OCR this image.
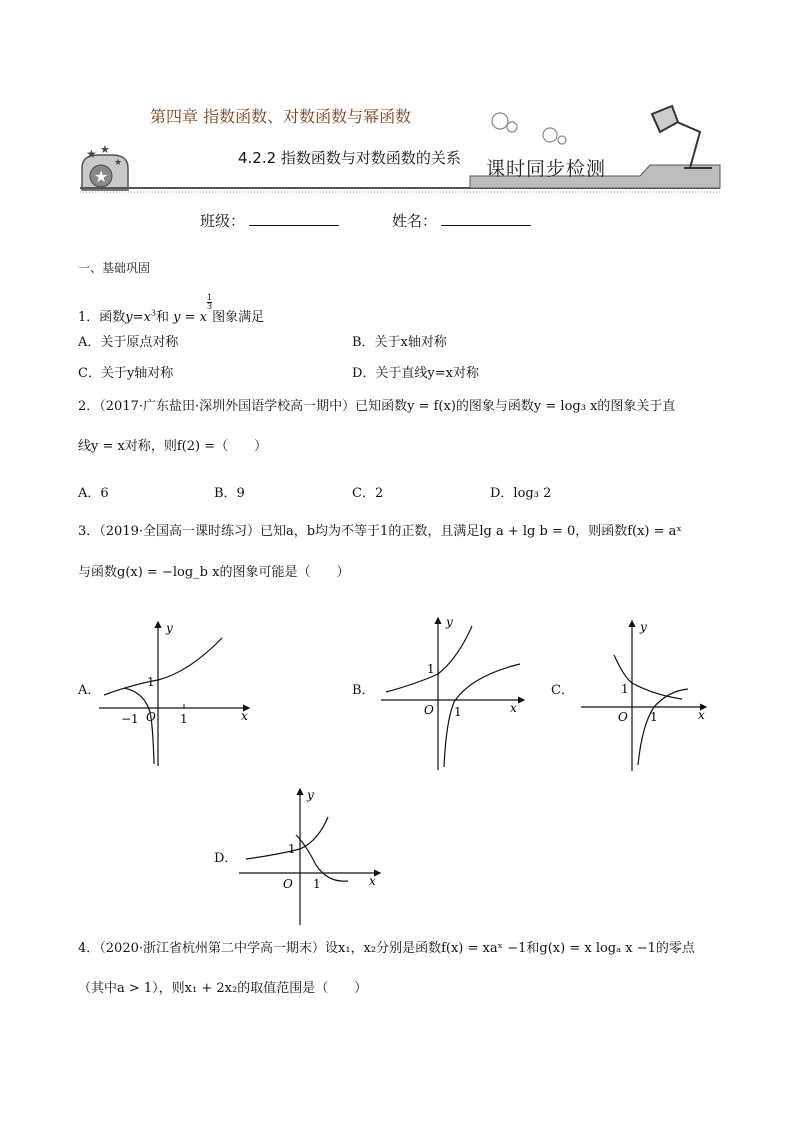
★
★ ★
★
第四章 指数函数、对数函数与幂函数
4.2.2 指数函数与对数函数的关系 课时同步检测
班级：	姓名：
一、基础巩固
1．函数$y=x^3$和 y = x
$^{\frac{1}{3}}$
图象满足
A．关于原点对称	B．关于x轴对称
C．关于y轴对称	D．关于直线y=x对称
2．（2017·广东盐田·深圳外国语学校高一期中）已知函数y = f(x)的图象与函数y = log₃ x的图象关于直
线y = x对称，则f(2) =（　　）
A．6	B．9	C．2	D．log₃ 2
3．（2019·全国高一课时练习）已知a，b均为不等于1的正数，且满足lg a + lg b = 0，则函数f(x) = aˣ
与函数g(x) = −log_b x的图象可能是（　　）
A．	B．	C．
D．
x
y
O 1
1
−1
x
y
O 1
1
x
y
O 1
1
x
y
O 1
1
4．（2020·浙江省杭州第二中学高一期末）设x₁，x₂分别是函数f(x) = xaˣ −1和g(x) = x logₐ x −1的零点
（其中a > 1），则x₁ + 2x₂的取值范围是（　　）
